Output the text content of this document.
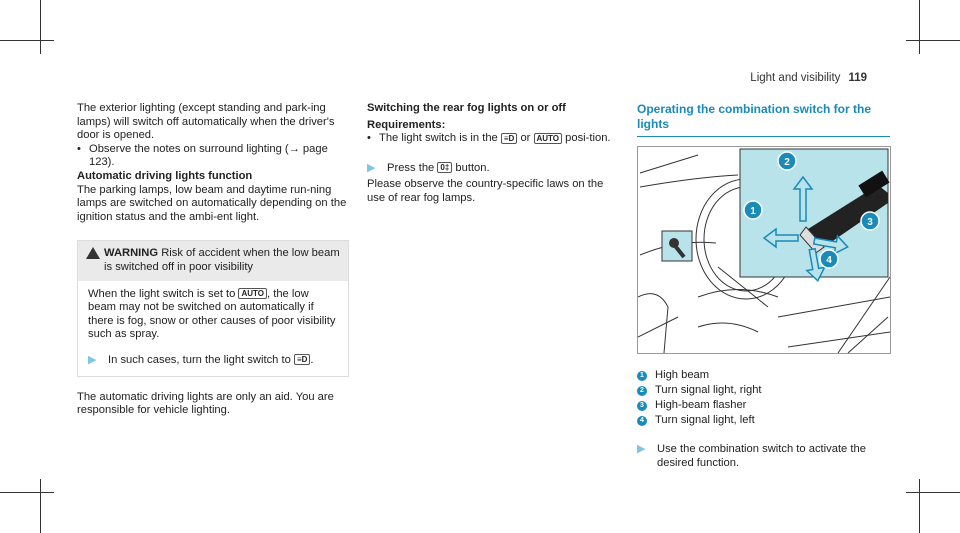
Light and visibility 119

The exterior lighting (except standing and park-ing lamps) will switch off automatically when the driver's door is opened.

• Observe the notes on surround lighting (→ page 123).

Automatic driving lights function

The parking lamps, low beam and daytime run-ning lamps are switched on automatically depending on the ignition status and the ambi-ent light.

WARNING Risk of accident when the low beam is switched off in poor visibility

When the light switch is set to AUTO , the low beam may not be switched on automatically if there is fog, snow or other causes of poor visibility such as spray.

▶	In such cases, turn the light switch to ≡D .

The automatic driving lights are only an aid. You are responsible for vehicle lighting.

Switching the rear fog lights on or off

Requirements:

• The light switch is in the ≡D or AUTO posi-tion.
▶	Press the 0‡ button.

Please observe the country-specific laws on the use of rear fog lamps.

Operating the combination switch for the lights
2
1
3
4
1 High beam
2 Turn signal light, right
3 High-beam flasher
4 Turn signal light, left
▶	Use the combination switch to activate the desired function.
